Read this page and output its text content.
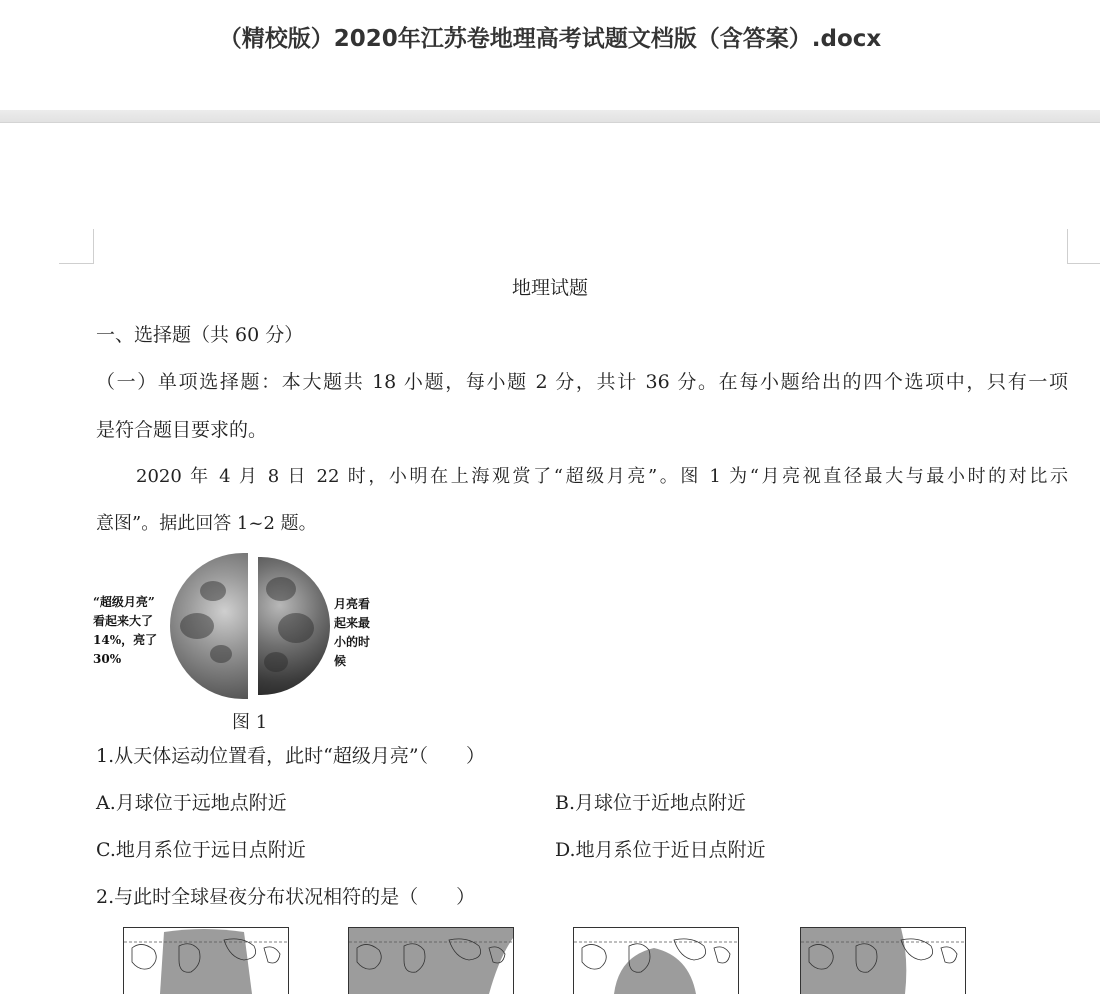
（精校版）2020年江苏卷地理高考试题文档版（含答案）.docx
地理试题
一、选择题（共 60 分）
（一）单项选择题：本大题共 18 小题，每小题 2 分，共计 36 分。在每小题给出的四个选项中，只有一项
是符合题目要求的。
2020 年 4 月 8 日 22 时，小明在上海观赏了“超级月亮”。图 1 为“月亮视直径最大与最小时的对比示
意图”。据此回答 1~2 题。
“超级月亮”
看起来大了
14%，亮了
30%
月亮看
起来最
小的时
候
图 1
1.从天体运动位置看，此时“超级月亮”（　　）
A.月球位于远地点附近	B.月球位于近地点附近
C.地月系位于远日点附近	D.地月系位于近日点附近
2.与此时全球昼夜分布状况相符的是（　　）
